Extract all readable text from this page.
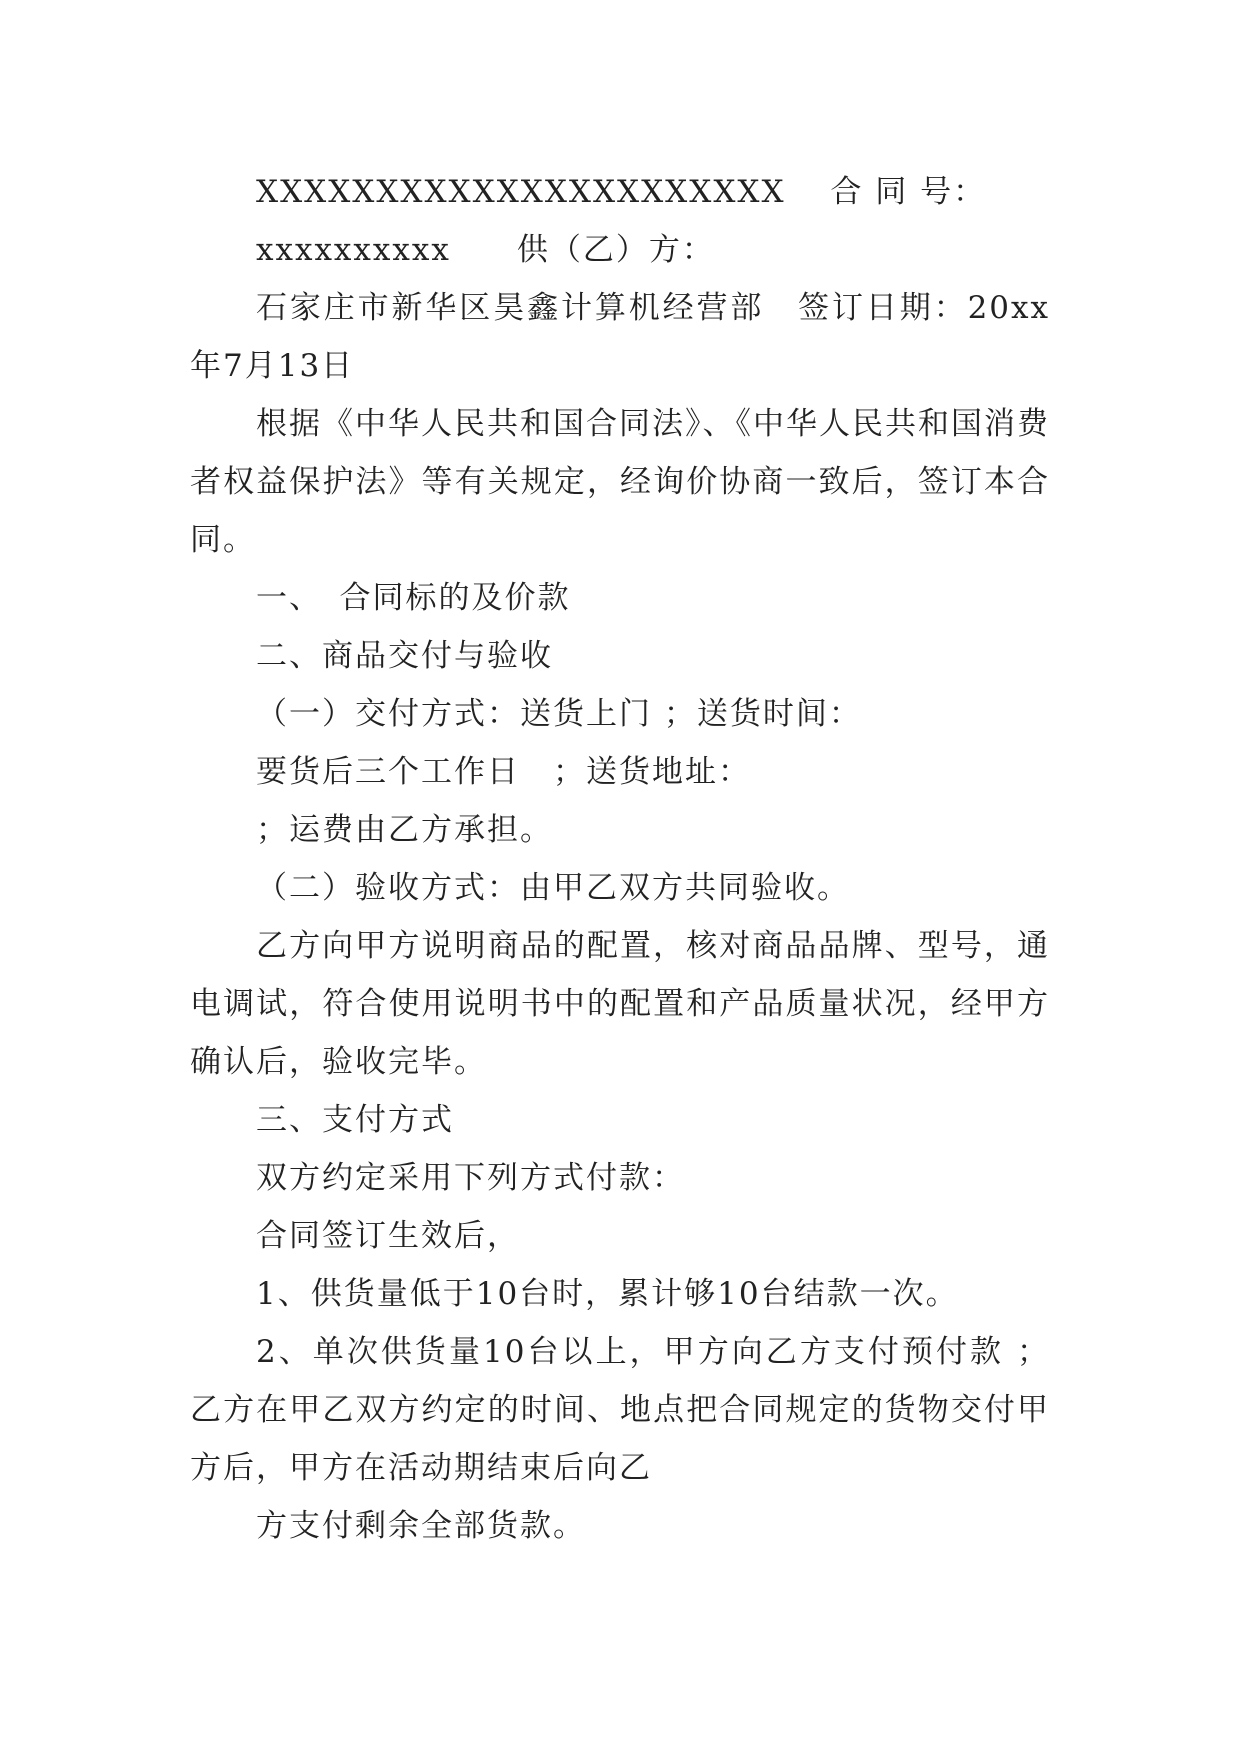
XXXXXXXXXXXXXXXXXXXXXX　 合 同 号：

xxxxxxxxxx　　供（乙）方：

石家庄市新华区昊鑫计算机经营部　签订日期：20xx年7月13日

根据《中华人民共和国合同法》、《中华人民共和国消费者权益保护法》等有关规定，经询价协商一致后，签订本合同。

一、　合同标的及价款

二、商品交付与验收

（一）交付方式：送货上门 ；送货时间：

要货后三个工作日　；送货地址：

；运费由乙方承担。

（二）验收方式：由甲乙双方共同验收。

乙方向甲方说明商品的配置，核对商品品牌、型号，通电调试，符合使用说明书中的配置和产品质量状况，经甲方确认后，验收完毕。

三、支付方式

双方约定采用下列方式付款：

合同签订生效后，

1、供货量低于10台时，累计够10台结款一次。

2、单次供货量10台以上，甲方向乙方支付预付款 ；乙方在甲乙双方约定的时间、地点把合同规定的货物交付甲方后，甲方在活动期结束后向乙

方支付剩余全部货款。
